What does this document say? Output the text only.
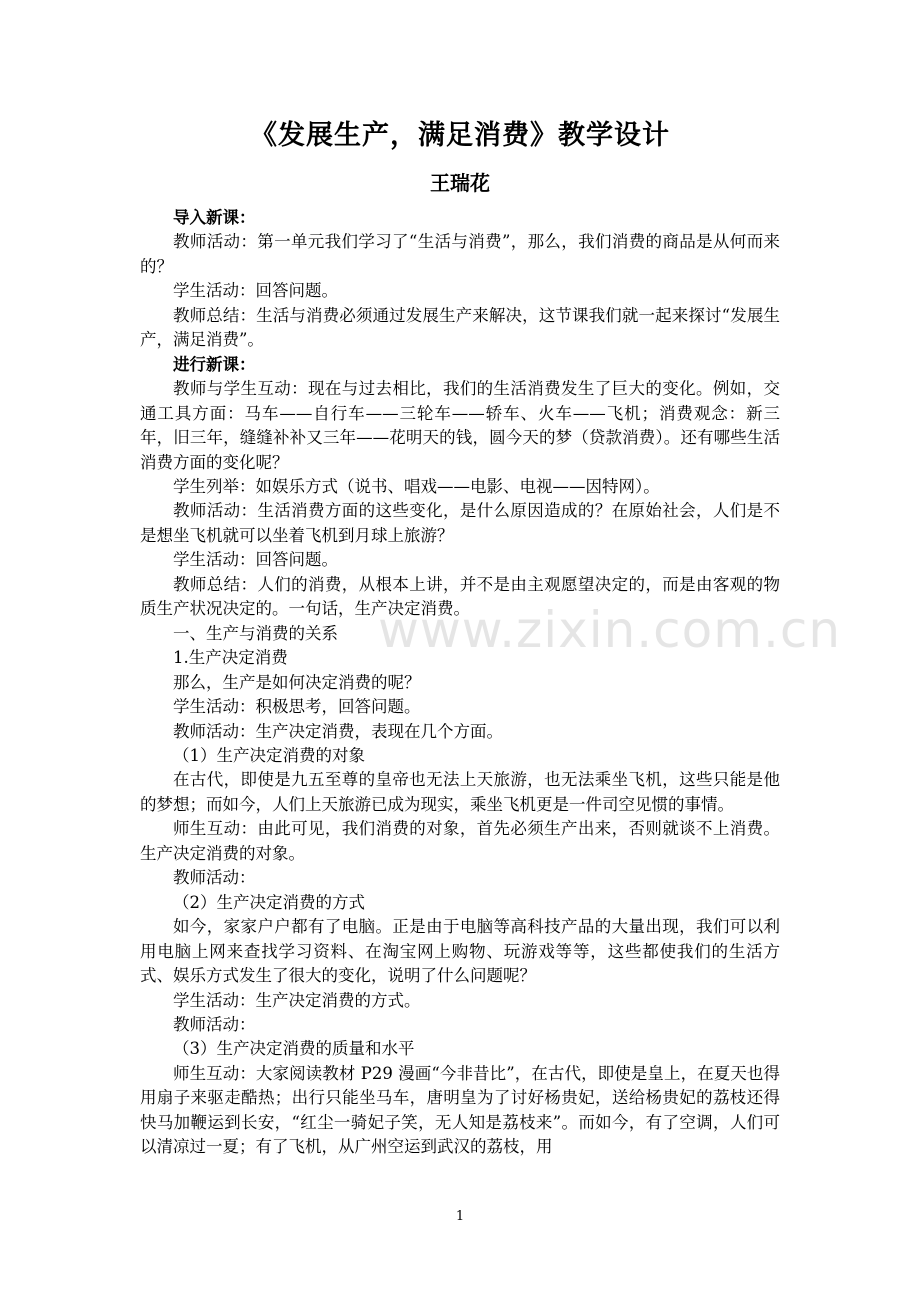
《发展生产，满足消费》教学设计
王瑞花

导入新课：

教师活动：第一单元我们学习了“生活与消费”，那么，我们消费的商品是从何而来的？

学生活动：回答问题。

教师总结：生活与消费必须通过发展生产来解决，这节课我们就一起来探讨“发展生产，满足消费”。

进行新课：

教师与学生互动：现在与过去相比，我们的生活消费发生了巨大的变化。例如，交通工具方面：马车——自行车——三轮车——轿车、火车——飞机；消费观念：新三年，旧三年，缝缝补补又三年——花明天的钱，圆今天的梦（贷款消费）。还有哪些生活消费方面的变化呢？

学生列举：如娱乐方式（说书、唱戏——电影、电视——因特网）。

教师活动：生活消费方面的这些变化，是什么原因造成的？在原始社会，人们是不是想坐飞机就可以坐着飞机到月球上旅游？

学生活动：回答问题。

教师总结：人们的消费，从根本上讲，并不是由主观愿望决定的，而是由客观的物质生产状况决定的。一句话，生产决定消费。

一、生产与消费的关系

1.生产决定消费

那么，生产是如何决定消费的呢？

学生活动：积极思考，回答问题。

教师活动：生产决定消费，表现在几个方面。

（1）生产决定消费的对象

在古代，即使是九五至尊的皇帝也无法上天旅游，也无法乘坐飞机，这些只能是他的梦想；而如今，人们上天旅游已成为现实，乘坐飞机更是一件司空见惯的事情。

师生互动：由此可见，我们消费的对象，首先必须生产出来，否则就谈不上消费。生产决定消费的对象。

教师活动：

（2）生产决定消费的方式

如今，家家户户都有了电脑。正是由于电脑等高科技产品的大量出现，我们可以利用电脑上网来查找学习资料、在淘宝网上购物、玩游戏等等，这些都使我们的生活方式、娱乐方式发生了很大的变化，说明了什么问题呢？

学生活动：生产决定消费的方式。

教师活动：

（3）生产决定消费的质量和水平

师生互动：大家阅读教材 P29 漫画“今非昔比”，在古代，即使是皇上，在夏天也得用扇子来驱走酷热；出行只能坐马车，唐明皇为了讨好杨贵妃，送给杨贵妃的荔枝还得快马加鞭运到长安，“红尘一骑妃子笑，无人知是荔枝来”。而如今，有了空调，人们可以清凉过一夏；有了飞机，从广州空运到武汉的荔枝，用

www.zixin.com.cn
1
